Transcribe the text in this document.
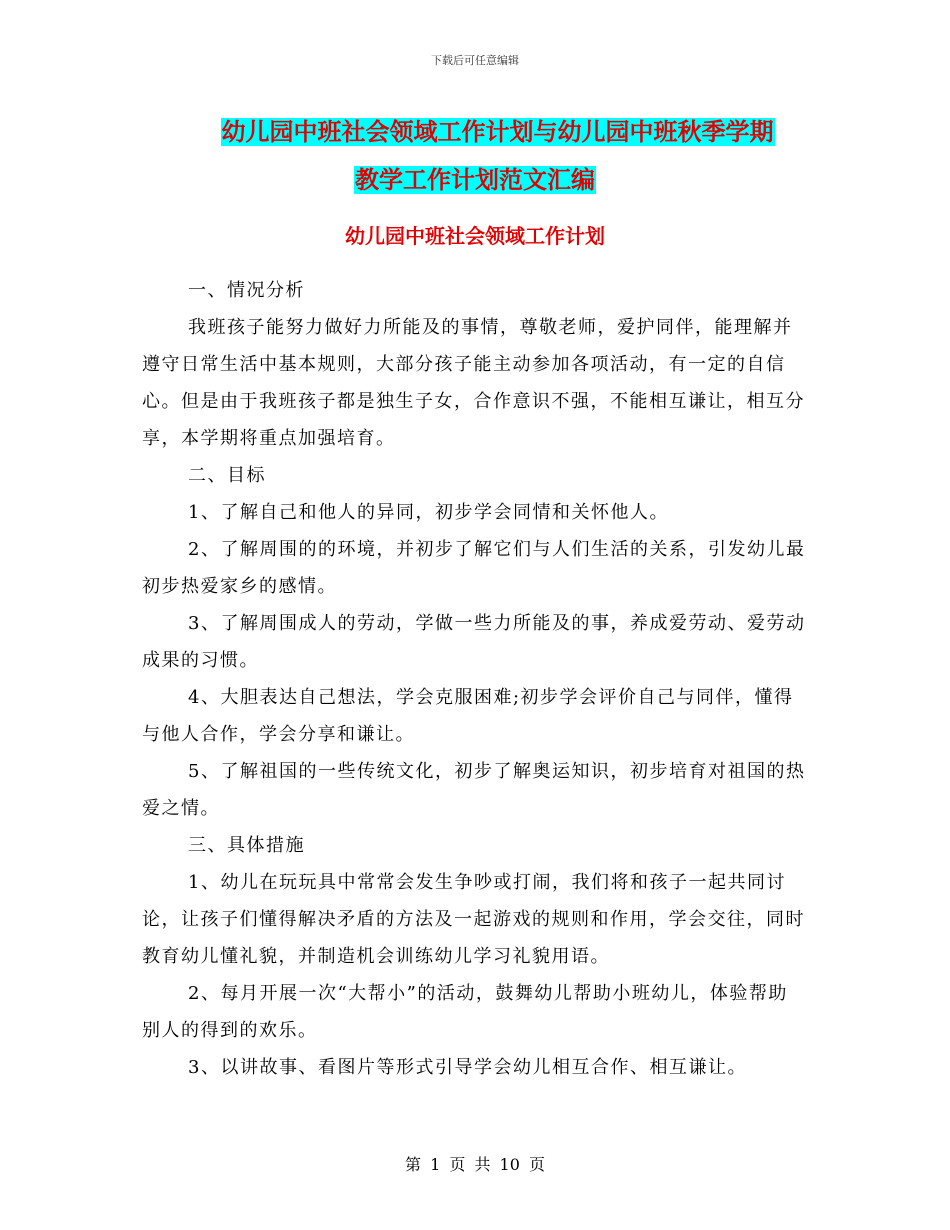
下载后可任意编辑
幼儿园中班社会领域工作计划与幼儿园中班秋季学期
教学工作计划范文汇编
幼儿园中班社会领域工作计划

一、情况分析

我班孩子能努力做好力所能及的事情，尊敬老师，爱护同伴，能理解并遵守日常生活中基本规则，大部分孩子能主动参加各项活动，有一定的自信心。但是由于我班孩子都是独生子女，合作意识不强，不能相互谦让，相互分享，本学期将重点加强培育。

二、目标

1、了解自己和他人的异同，初步学会同情和关怀他人。

2、了解周围的的环境，并初步了解它们与人们生活的关系，引发幼儿最初步热爱家乡的感情。

3、了解周围成人的劳动，学做一些力所能及的事，养成爱劳动、爱劳动成果的习惯。

4、大胆表达自己想法，学会克服困难;初步学会评价自己与同伴，懂得与他人合作，学会分享和谦让。

5、了解祖国的一些传统文化，初步了解奥运知识，初步培育对祖国的热爱之情。

三、具体措施

1、幼儿在玩玩具中常常会发生争吵或打闹，我们将和孩子一起共同讨论，让孩子们懂得解决矛盾的方法及一起游戏的规则和作用，学会交往，同时教育幼儿懂礼貌，并制造机会训练幼儿学习礼貌用语。

2、每月开展一次“大帮小”的活动，鼓舞幼儿帮助小班幼儿，体验帮助别人的得到的欢乐。

3、以讲故事、看图片等形式引导学会幼儿相互合作、相互谦让。

第 1 页 共 10 页
